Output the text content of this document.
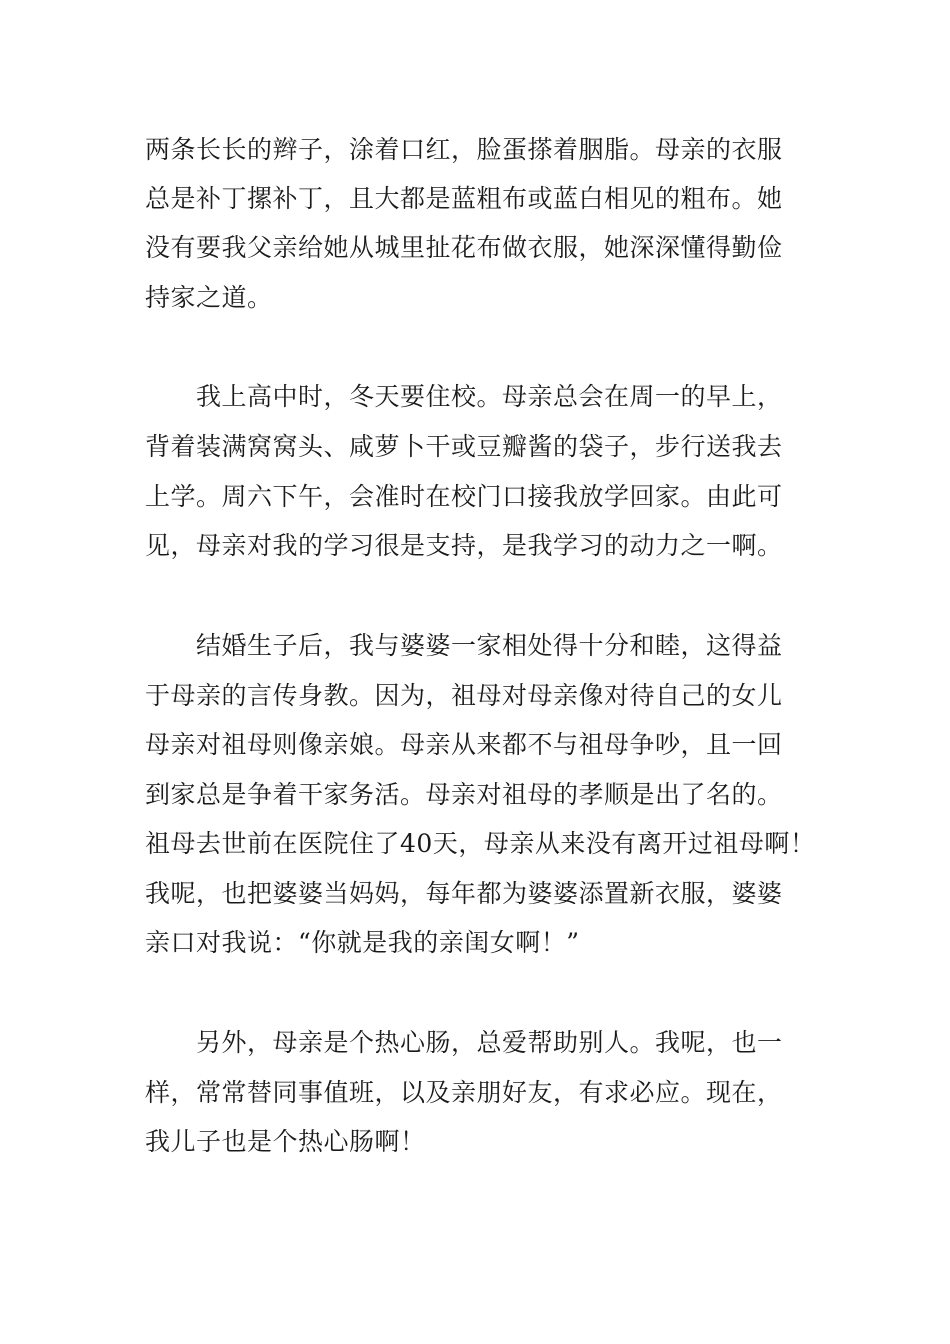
两条长长的辫子，涂着口红，脸蛋搽着胭脂。母亲的衣服
总是补丁摞补丁，且大都是蓝粗布或蓝白相见的粗布。她
没有要我父亲给她从城里扯花布做衣服，她深深懂得勤俭
持家之道。
　　我上高中时，冬天要住校。母亲总会在周一的早上，
背着装满窝窝头、咸萝卜干或豆瓣酱的袋子，步行送我去
上学。周六下午，会准时在校门口接我放学回家。由此可
见，母亲对我的学习很是支持，是我学习的动力之一啊。
　　结婚生子后，我与婆婆一家相处得十分和睦，这得益
于母亲的言传身教。因为，祖母对母亲像对待自己的女儿
母亲对祖母则像亲娘。母亲从来都不与祖母争吵，且一回
到家总是争着干家务活。母亲对祖母的孝顺是出了名的。
祖母去世前在医院住了40天，母亲从来没有离开过祖母啊！
我呢，也把婆婆当妈妈，每年都为婆婆添置新衣服，婆婆
亲口对我说：“你就是我的亲闺女啊！”
　　另外，母亲是个热心肠，总爱帮助别人。我呢，也一
样，常常替同事值班，以及亲朋好友，有求必应。现在，
我儿子也是个热心肠啊！
